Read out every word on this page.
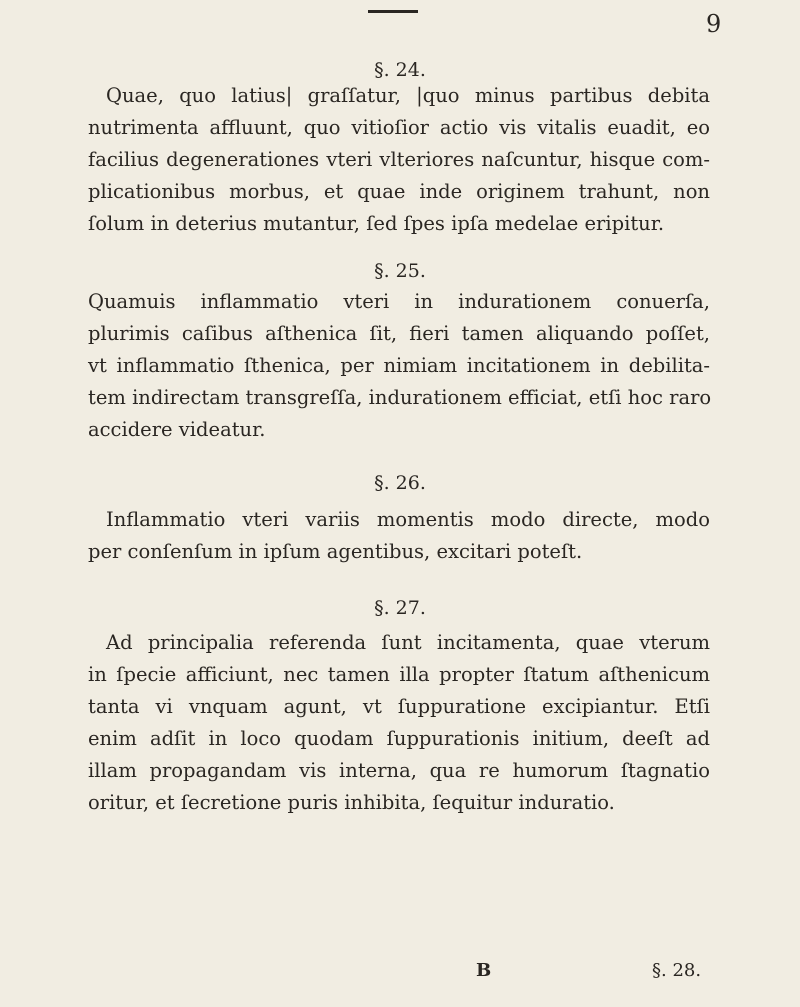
9
§. 24.
Quae, quo latius| graſſatur, |quo minus partibus debita
nutrimenta affluunt, quo vitioſior actio vis vitalis euadit, eo
facilius degenerationes vteri vlteriores naſcuntur, hisque com-
plicationibus morbus, et quae inde originem trahunt, non
ſolum in deterius mutantur, ſed ſpes ipſa medelae eripitur.
§. 25.
Quamuis inflammatio vteri in indurationem conuerſa,
plurimis caſibus aſthenica ſit, fieri tamen aliquando poſſet,
vt inflammatio ſthenica, per nimiam incitationem in debilita-
tem indirectam transgreſſa, indurationem efficiat, etſi hoc raro
accidere videatur.
§. 26.
Inflammatio vteri variis momentis modo directe, modo
per conſenſum in ipſum agentibus, excitari poteſt.
§. 27.
Ad principalia referenda ſunt incitamenta, quae vterum
in ſpecie afficiunt, nec tamen illa propter ſtatum aſthenicum
tanta vi vnquam agunt, vt ſuppuratione excipiantur. Etſi
enim adſit in loco quodam ſuppurationis initium, deeſt ad
illam propagandam vis interna, qua re humorum ſtagnatio
oritur, et ſecretione puris inhibita, ſequitur induratio.
B	§. 28.
